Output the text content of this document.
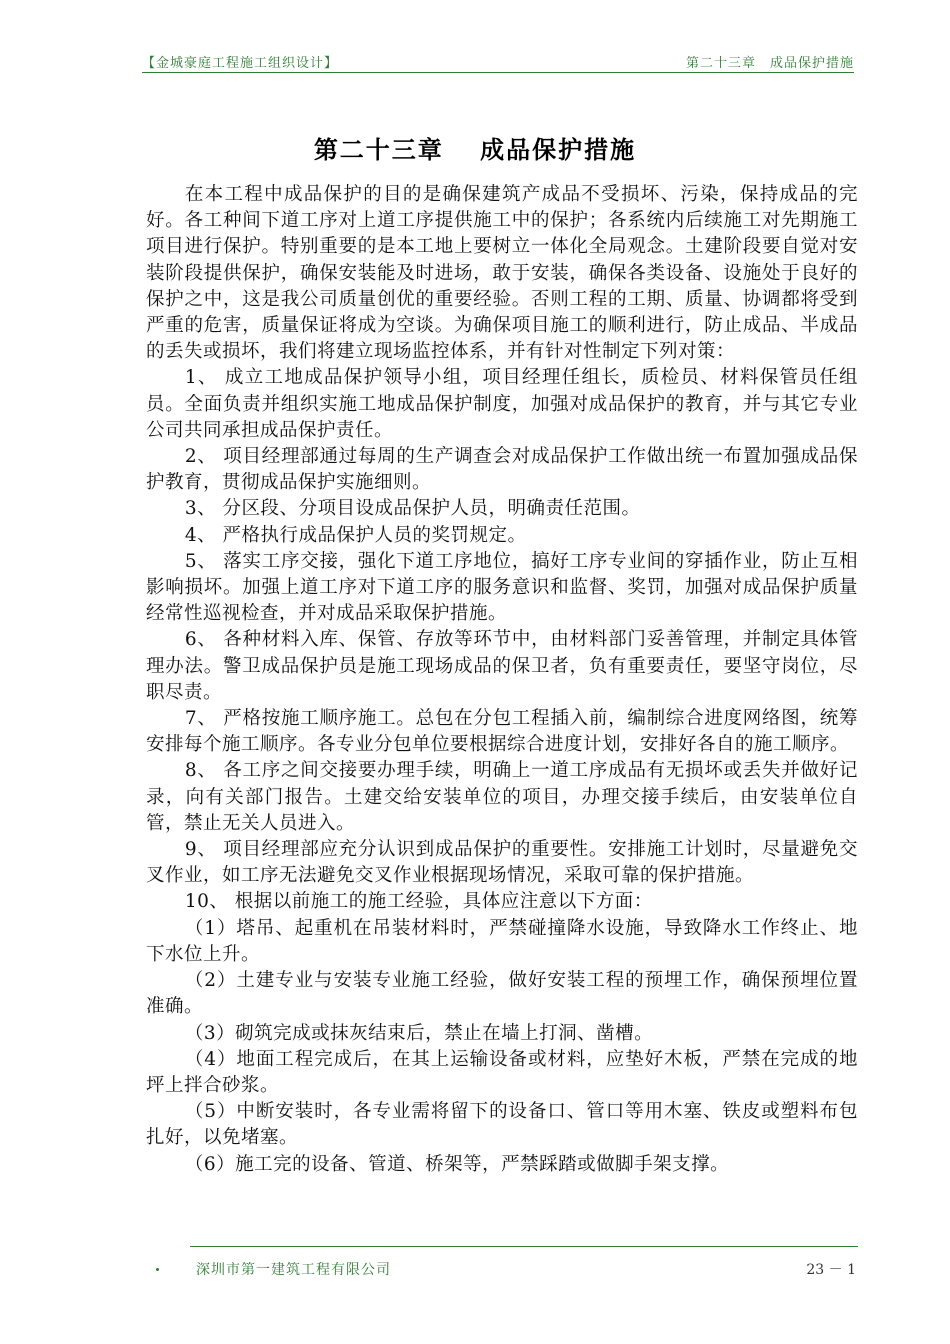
【金城豪庭工程施工组织设计】	第二十三章　成品保护措施
第二十三章　 成品保护措施

在本工程中成品保护的目的是确保建筑产成品不受损坏、污染，保持成品的完好。各工种间下道工序对上道工序提供施工中的保护；各系统内后续施工对先期施工项目进行保护。特别重要的是本工地上要树立一体化全局观念。土建阶段要自觉对安装阶段提供保护，确保安装能及时进场，敢于安装，确保各类设备、设施处于良好的保护之中，这是我公司质量创优的重要经验。否则工程的工期、质量、协调都将受到严重的危害，质量保证将成为空谈。为确保项目施工的顺利进行，防止成品、半成品的丢失或损坏，我们将建立现场监控体系，并有针对性制定下列对策：

1、 成立工地成品保护领导小组，项目经理任组长，质检员、材料保管员任组员。全面负责并组织实施工地成品保护制度，加强对成品保护的教育，并与其它专业公司共同承担成品保护责任。

2、 项目经理部通过每周的生产调查会对成品保护工作做出统一布置加强成品保护教育，贯彻成品保护实施细则。

3、 分区段、分项目设成品保护人员，明确责任范围。

4、 严格执行成品保护人员的奖罚规定。

5、 落实工序交接，强化下道工序地位，搞好工序专业间的穿插作业，防止互相影响损坏。加强上道工序对下道工序的服务意识和监督、奖罚，加强对成品保护质量经常性巡视检查，并对成品采取保护措施。

6、 各种材料入库、保管、存放等环节中，由材料部门妥善管理，并制定具体管理办法。警卫成品保护员是施工现场成品的保卫者，负有重要责任，要坚守岗位，尽职尽责。

7、 严格按施工顺序施工。总包在分包工程插入前，编制综合进度网络图，统筹安排每个施工顺序。各专业分包单位要根据综合进度计划，安排好各自的施工顺序。

8、 各工序之间交接要办理手续，明确上一道工序成品有无损坏或丢失并做好记录，向有关部门报告。土建交给安装单位的项目，办理交接手续后，由安装单位自管，禁止无关人员进入。

9、 项目经理部应充分认识到成品保护的重要性。安排施工计划时，尽量避免交叉作业，如工序无法避免交叉作业根据现场情况，采取可靠的保护措施。

10、 根据以前施工的施工经验，具体应注意以下方面：

（1）塔吊、起重机在吊装材料时，严禁碰撞降水设施，导致降水工作终止、地下水位上升。

（2）土建专业与安装专业施工经验，做好安装工程的预埋工作，确保预埋位置准确。

（3）砌筑完成或抹灰结束后，禁止在墙上打洞、凿槽。

（4）地面工程完成后，在其上运输设备或材料，应垫好木板，严禁在完成的地坪上拌合砂浆。

（5）中断安装时，各专业需将留下的设备口、管口等用木塞、铁皮或塑料布包扎好，以免堵塞。

（6）施工完的设备、管道、桥架等，严禁踩踏或做脚手架支撑。

深圳市第一建筑工程有限公司	23 － 1
